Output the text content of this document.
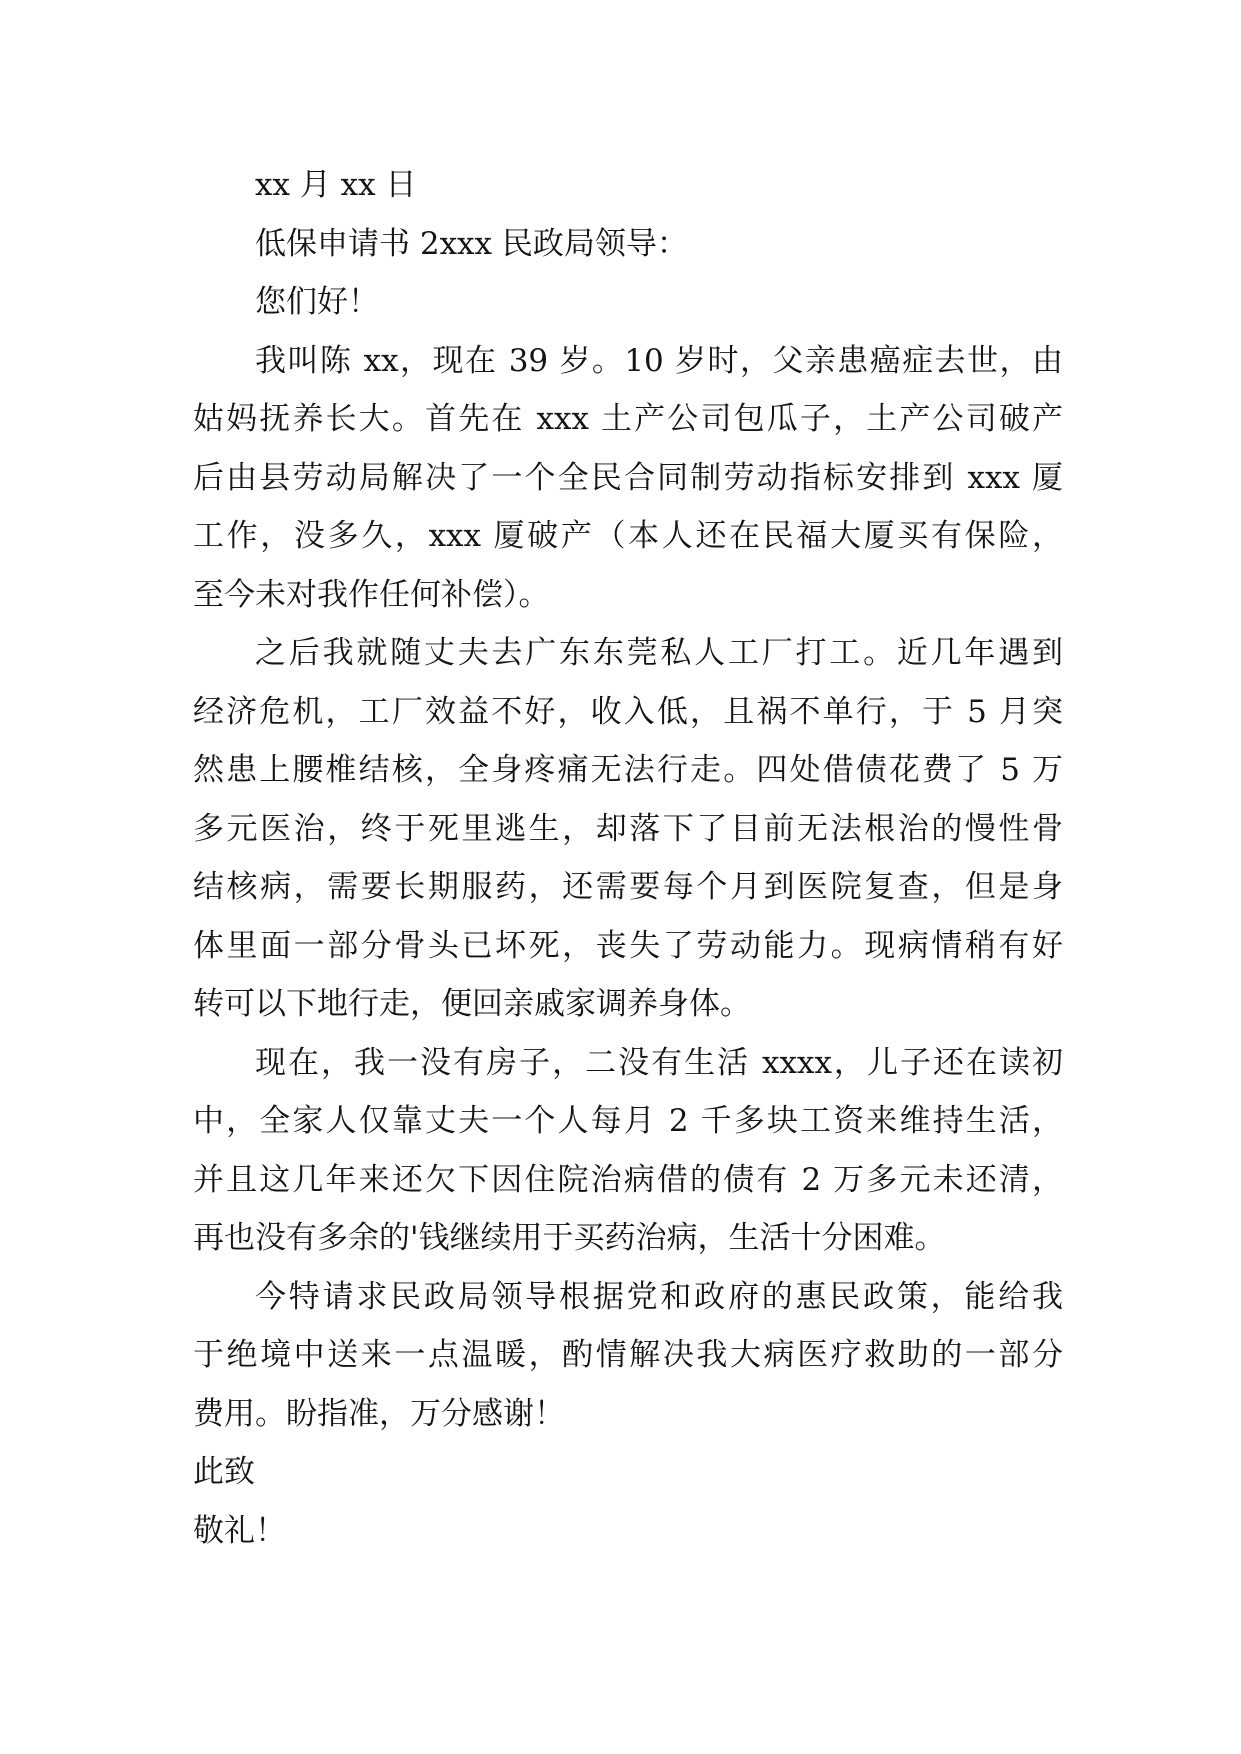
xx 月 xx 日
低保申请书 2xxx 民政局领导：
您们好！
我叫陈 xx，现在 39 岁。10 岁时，父亲患癌症去世，由
姑妈抚养长大。首先在 xxx 土产公司包瓜子，土产公司破产
后由县劳动局解决了一个全民合同制劳动指标安排到 xxx 厦
工作，没多久，xxx 厦破产（本人还在民福大厦买有保险，
至今未对我作任何补偿）。
之后我就随丈夫去广东东莞私人工厂打工。近几年遇到
经济危机，工厂效益不好，收入低，且祸不单行，于 5 月突
然患上腰椎结核，全身疼痛无法行走。四处借债花费了 5 万
多元医治，终于死里逃生，却落下了目前无法根治的慢性骨
结核病，需要长期服药，还需要每个月到医院复查，但是身
体里面一部分骨头已坏死，丧失了劳动能力。现病情稍有好
转可以下地行走，便回亲戚家调养身体。
现在，我一没有房子，二没有生活 xxxx，儿子还在读初
中，全家人仅靠丈夫一个人每月 2 千多块工资来维持生活，
并且这几年来还欠下因住院治病借的债有 2 万多元未还清，
再也没有多余的'钱继续用于买药治病，生活十分困难。
今特请求民政局领导根据党和政府的惠民政策，能给我
于绝境中送来一点温暖，酌情解决我大病医疗救助的一部分
费用。盼指准，万分感谢！
此致
敬礼！
